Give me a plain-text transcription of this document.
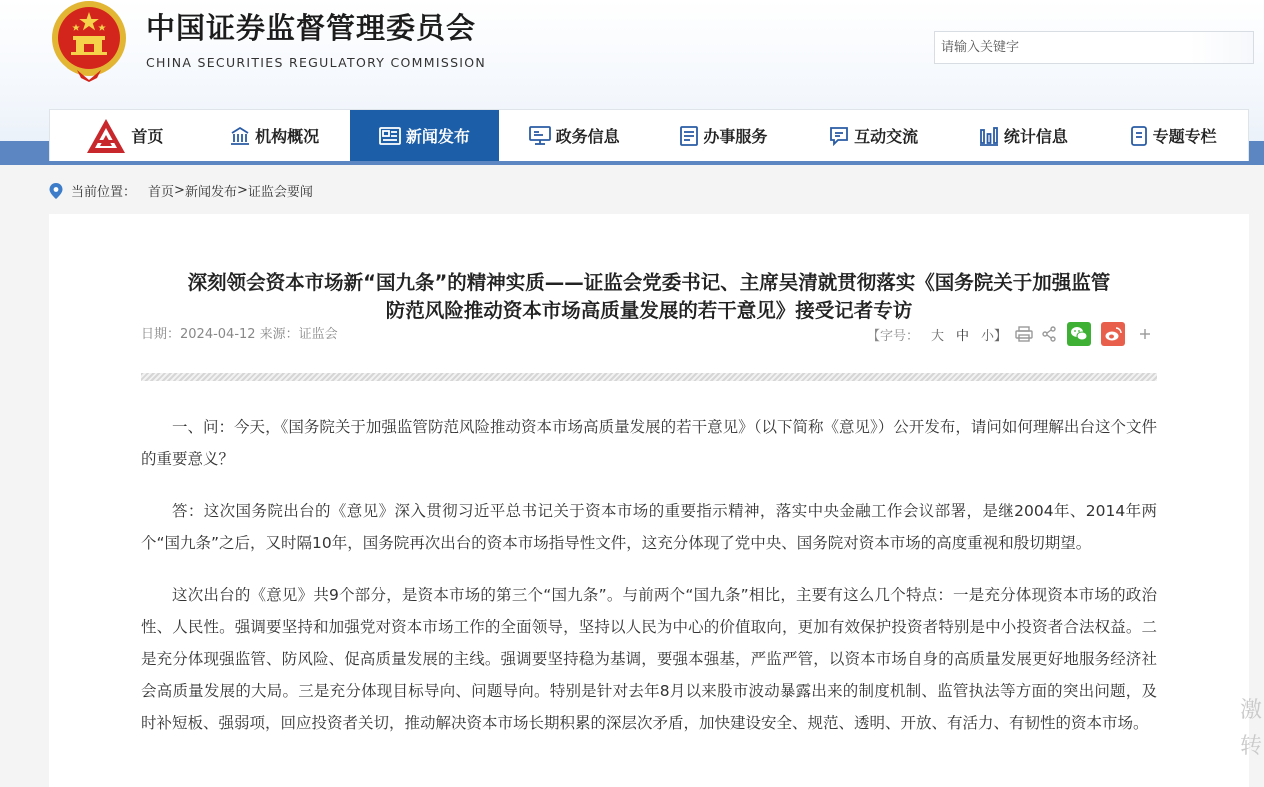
中国证券监督管理委员会
CHINA SECURITIES REGULATORY COMMISSION
请输入关键字
首页	机构概况	新闻发布	政务信息	办事服务	互动交流	统计信息	专题专栏
当前位置： 首页 > 新闻发布 > 证监会要闻
深刻领会资本市场新“国九条”的精神实质——证监会党委书记、主席吴清就贯彻落实《国务院关于加强监管
防范风险推动资本市场高质量发展的若干意见》接受记者专访
日期：2024-04-12 来源：证监会	【字号： 大 中 小】

一、问：今天，《国务院关于加强监管防范风险推动资本市场高质量发展的若干意见》（以下简称《意见》）公开发布，请问如何理解出台这个文件的重要意义？

答：这次国务院出台的《意见》深入贯彻习近平总书记关于资本市场的重要指示精神，落实中央金融工作会议部署，是继2004年、2014年两个“国九条”之后，又时隔10年，国务院再次出台的资本市场指导性文件，这充分体现了党中央、国务院对资本市场的高度重视和殷切期望。

这次出台的《意见》共9个部分，是资本市场的第三个“国九条”。与前两个“国九条”相比，主要有这么几个特点：一是充分体现资本市场的政治性、人民性。强调要坚持和加强党对资本市场工作的全面领导，坚持以人民为中心的价值取向，更加有效保护投资者特别是中小投资者合法权益。二是充分体现强监管、防风险、促高质量发展的主线。强调要坚持稳为基调，要强本强基，严监严管，以资本市场自身的高质量发展更好地服务经济社会高质量发展的大局。三是充分体现目标导向、问题导向。特别是针对去年8月以来股市波动暴露出来的制度机制、监管执法等方面的突出问题，及时补短板、强弱项，回应投资者关切，推动解决资本市场长期积累的深层次矛盾，加快建设安全、规范、透明、开放、有活力、有韧性的资本市场。	激
转
